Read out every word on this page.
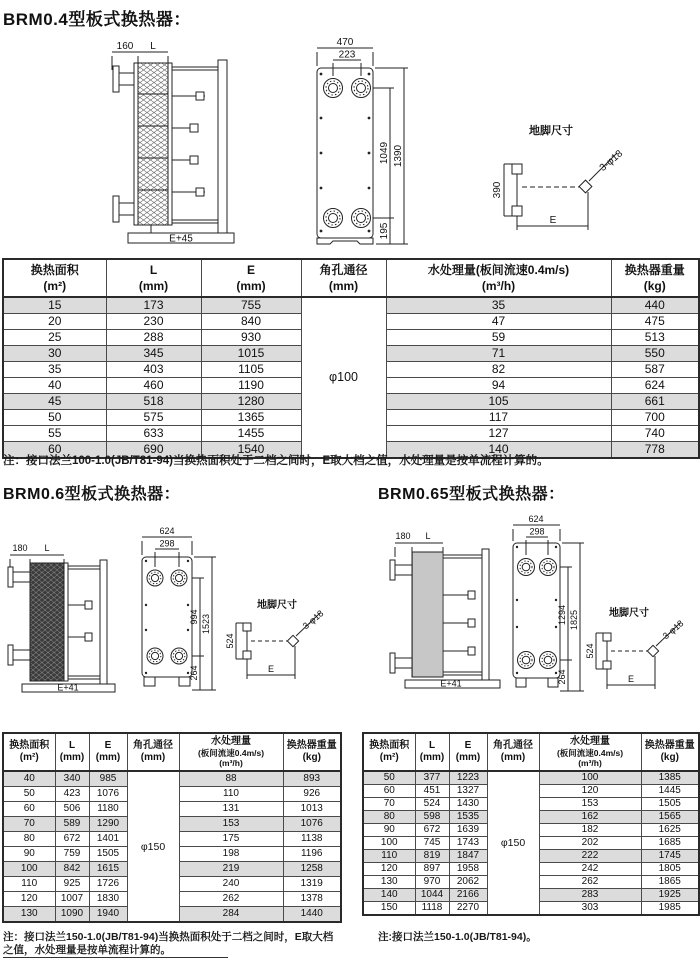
BRM0.4型板式换热器：
160 L
E+45
470
223
1049 1390
195
地脚尺寸
390
E
3-φ18
换热面积
(m²)

L
(mm)

E
(mm)

角孔通径
(mm)

水处理量(板间流速0.4m/s)
(m³/h)

换热器重量
(kg)

15	173	755	φ100	35	440
20	230	840		47	475
25	288	930		59	513
30	345	1015		71	550
35	403	1105		82	587
40	460	1190		94	624
45	518	1280		105	661
50	575	1365		117	700
55	633	1455		127	740
60	690	1540		140	778
注：接口法兰100-1.0(JB/T81-94)当换热面积处于二档之间时，E取大档之值，水处理量是按单流程计算的。
BRM0.6型板式换热器：	BRM0.65型板式换热器：
180 L
E+41
624
298
994 1523
264
地脚尺寸
524
E
3-φ18
180 L
E+41
624
298
1294 1825
264
地脚尺寸
524
E
3-φ18
换热面积
(m²)

L
(mm)

E
(mm)

角孔通径
(mm)

水处理量
(板间流速0.4m/s)
(m³/h)

换热器重量
(kg)

40	340	985	φ150	88	893
50	423	1076		110	926
60	506	1180		131	1013
70	589	1290		153	1076
80	672	1401		175	1138
90	759	1505		198	1196
100	842	1615		219	1258
110	925	1726		240	1319
120	1007	1830		262	1378
130	1090	1940		284	1440
换热面积
(m²)

L
(mm)

E
(mm)

角孔通径
(mm)

水处理量
(板间流速0.4m/s)
(m³/h)

换热器重量
(kg)

50	377	1223	φ150	100	1385
60	451	1327		120	1445
70	524	1430		153	1505
80	598	1535		162	1565
90	672	1639		182	1625
100	745	1743		202	1685
110	819	1847		222	1745
120	897	1958		242	1805
130	970	2062		262	1865
140	1044	2166		283	1925
150	1118	2270		303	1985
注：接口法兰150-1.0(JB/T81-94)当换热面积处于二档之间时，E取大档之值，水处理量是按单流程计算的。
注:接口法兰150-1.0(JB/T81-94)。
